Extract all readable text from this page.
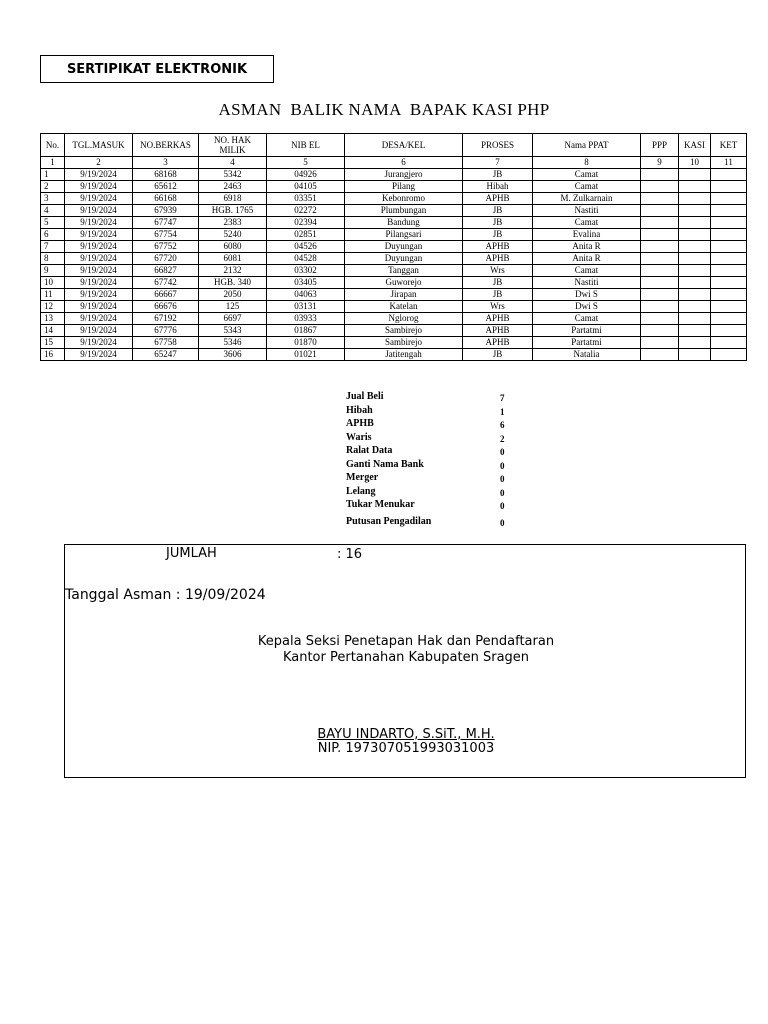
SERTIPIKAT ELEKTRONIK
ASMAN  BALIK NAMA  BAPAK KASI PHP
No.	TGL.MASUK	NO.BERKAS	NO. HAK MILIK	NIB EL	DESA/KEL	PROSES	Nama PPAT	PPP	KASI	KET
1	2	3	4	5	6	7	8	9	10	11
1	9/19/2024	68168	5342	04926	Jurangjero	JB	Camat			
2	9/19/2024	65612	2463	04105	Pilang	Hibah	Camat			
3	9/19/2024	66168	6918	03351	Kebonromo	APHB	M. Zulkarnain			
4	9/19/2024	67939	HGB. 1765	02272	Plumbungan	JB	Nastiti			
5	9/19/2024	67747	2383	02394	Bandung	JB	Camat			
6	9/19/2024	67754	5240	02851	Pilangsari	JB	Evalina			
7	9/19/2024	67752	6080	04526	Duyungan	APHB	Anita R			
8	9/19/2024	67720	6081	04528	Duyungan	APHB	Anita R			
9	9/19/2024	66827	2132	03302	Tanggan	Wrs	Camat			
10	9/19/2024	67742	HGB. 340	03405	Guworejo	JB	Nastiti			
11	9/19/2024	66667	2050	04063	Jirapan	JB	Dwi S			
12	9/19/2024	66676	125	03131	Katelan	Wrs	Dwi S			
13	9/19/2024	67192	6697	03933	Nglorog	APHB	Camat			
14	9/19/2024	67776	5343	01867	Sambirejo	APHB	Partatmi			
15	9/19/2024	67758	5346	01870	Sambirejo	APHB	Partatmi			
16	9/19/2024	65247	3606	01021	Jatitengah	JB	Natalia			
Jual Beli	7
Hibah	1
APHB	6
Waris	2
Ralat Data	0
Ganti Nama Bank	0
Merger	0
Lelang	0
Tukar Menukar	0
Putusan Pengadilan	0
JUMLAH	: 16
Tanggal Asman : 19/09/2024
Kepala Seksi Penetapan Hak dan Pendaftaran
Kantor Pertanahan Kabupaten Sragen
BAYU INDARTO, S.SiT., M.H.
NIP. 197307051993031003
